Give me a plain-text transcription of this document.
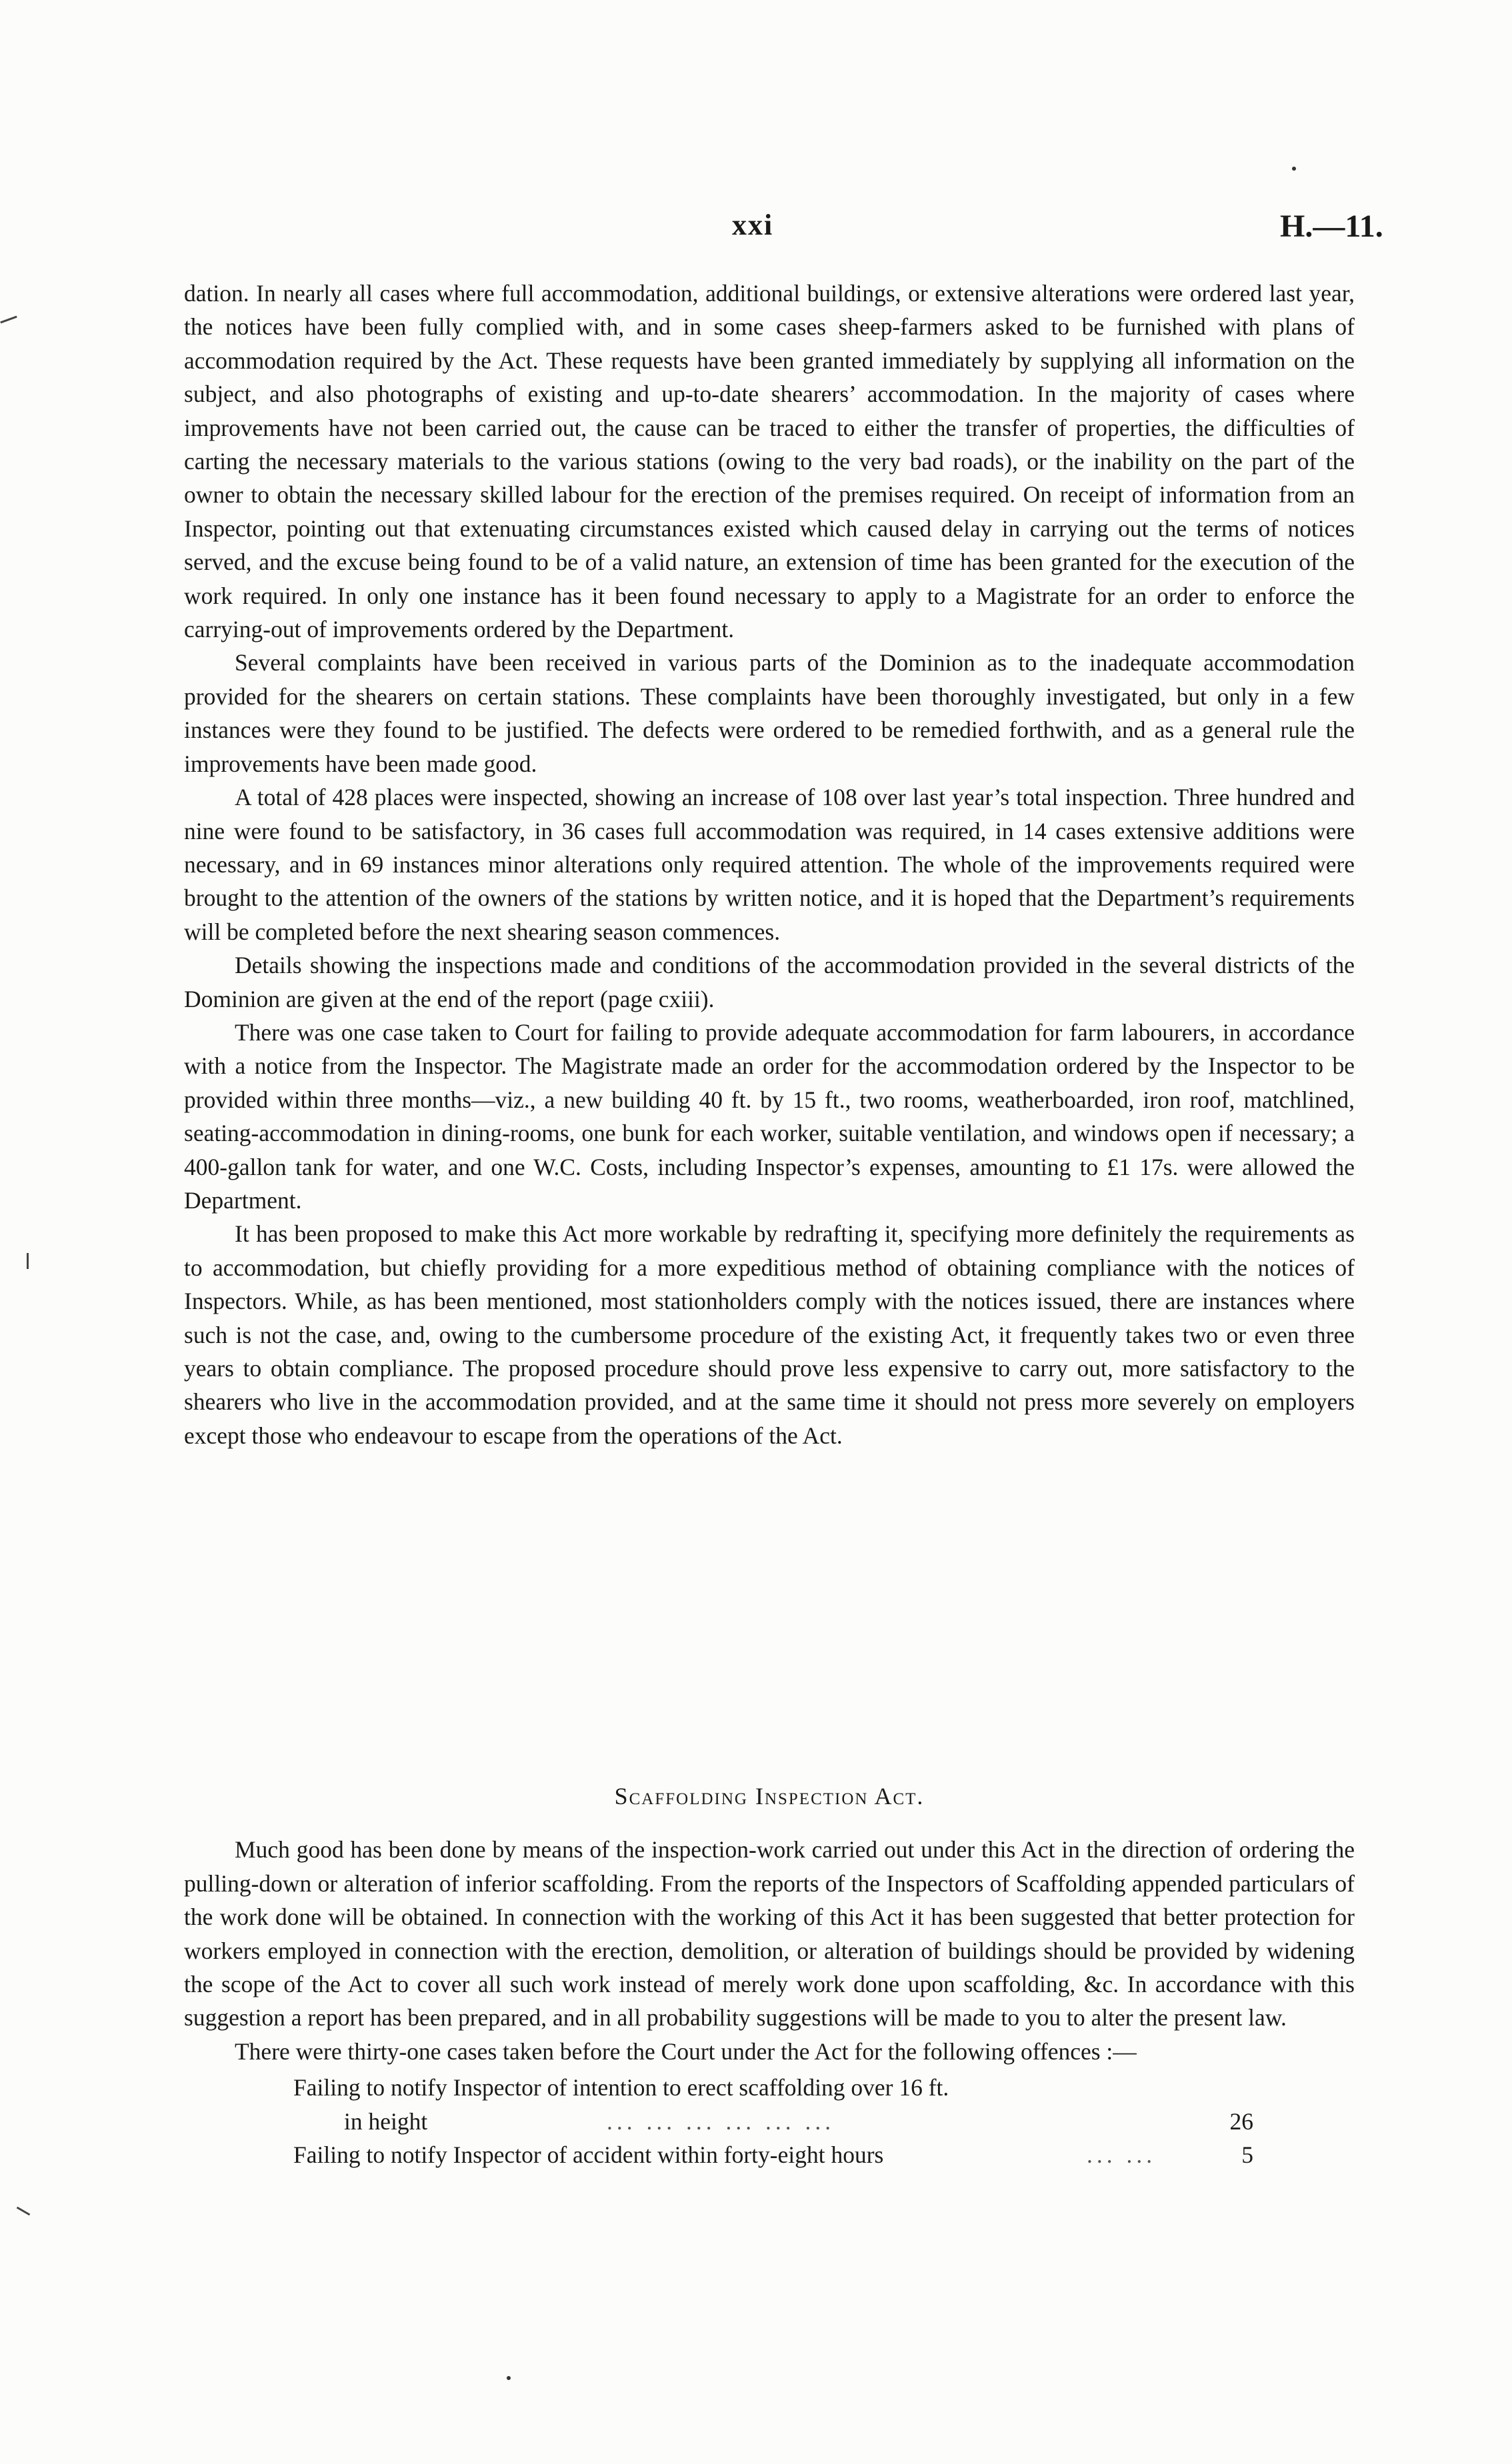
xxi	H.—11.

dation. In nearly all cases where full accommodation, additional buildings, or extensive alterations were ordered last year, the notices have been fully complied with, and in some cases sheep-farmers asked to be furnished with plans of accommodation required by the Act. These requests have been granted immediately by supplying all information on the subject, and also photographs of existing and up-to-date shearers’ accommodation. In the majority of cases where improvements have not been carried out, the cause can be traced to either the transfer of properties, the difficulties of carting the necessary materials to the various stations (owing to the very bad roads), or the inability on the part of the owner to obtain the necessary skilled labour for the erection of the premises required. On receipt of information from an Inspector, pointing out that extenuating circumstances existed which caused delay in carrying out the terms of notices served, and the excuse being found to be of a valid nature, an extension of time has been granted for the execution of the work required. In only one instance has it been found necessary to apply to a Magistrate for an order to enforce the carrying-out of improvements ordered by the Department.

Several complaints have been received in various parts of the Dominion as to the inadequate accommodation provided for the shearers on certain stations. These complaints have been thoroughly investigated, but only in a few instances were they found to be justified. The defects were ordered to be remedied forthwith, and as a general rule the improvements have been made good.

A total of 428 places were inspected, showing an increase of 108 over last year’s total inspection. Three hundred and nine were found to be satisfactory, in 36 cases full accommodation was required, in 14 cases extensive additions were necessary, and in 69 instances minor alterations only required attention. The whole of the improvements required were brought to the attention of the owners of the stations by written notice, and it is hoped that the Department’s requirements will be completed before the next shearing season commences.

Details showing the inspections made and conditions of the accommodation provided in the several districts of the Dominion are given at the end of the report (page cxiii).

There was one case taken to Court for failing to provide adequate accommodation for farm labourers, in accordance with a notice from the Inspector. The Magistrate made an order for the accommodation ordered by the Inspector to be provided within three months—viz., a new building 40 ft. by 15 ft., two rooms, weatherboarded, iron roof, matchlined, seating-accommodation in dining-rooms, one bunk for each worker, suitable ventilation, and windows open if necessary; a 400-gallon tank for water, and one W.C. Costs, including Inspector’s expenses, amounting to £1 17s. were allowed the Department.

It has been proposed to make this Act more workable by redrafting it, specifying more definitely the requirements as to accommodation, but chiefly providing for a more expeditious method of obtaining compliance with the notices of Inspectors. While, as has been mentioned, most stationholders comply with the notices issued, there are instances where such is not the case, and, owing to the cumbersome procedure of the existing Act, it frequently takes two or even three years to obtain compliance. The proposed procedure should prove less expensive to carry out, more satisfactory to the shearers who live in the accommodation provided, and at the same time it should not press more severely on employers except those who endeavour to escape from the operations of the Act.

Scaffolding Inspection Act.

Much good has been done by means of the inspection-work carried out under this Act in the direction of ordering the pulling-down or alteration of inferior scaffolding. From the reports of the Inspectors of Scaffolding appended particulars of the work done will be obtained. In connection with the working of this Act it has been suggested that better protection for workers employed in connection with the erection, demolition, or alteration of buildings should be provided by widening the scope of the Act to cover all such work instead of merely work done upon scaffolding, &c. In accordance with this suggestion a report has been prepared, and in all probability suggestions will be made to you to alter the present law.

There were thirty-one cases taken before the Court under the Act for the following offences :—

Failing to notify Inspector of intention to erect scaffolding over 16 ft.
in height	... ... ... ... ... ...	26
Failing to notify Inspector of accident within forty-eight hours	... ...	5
